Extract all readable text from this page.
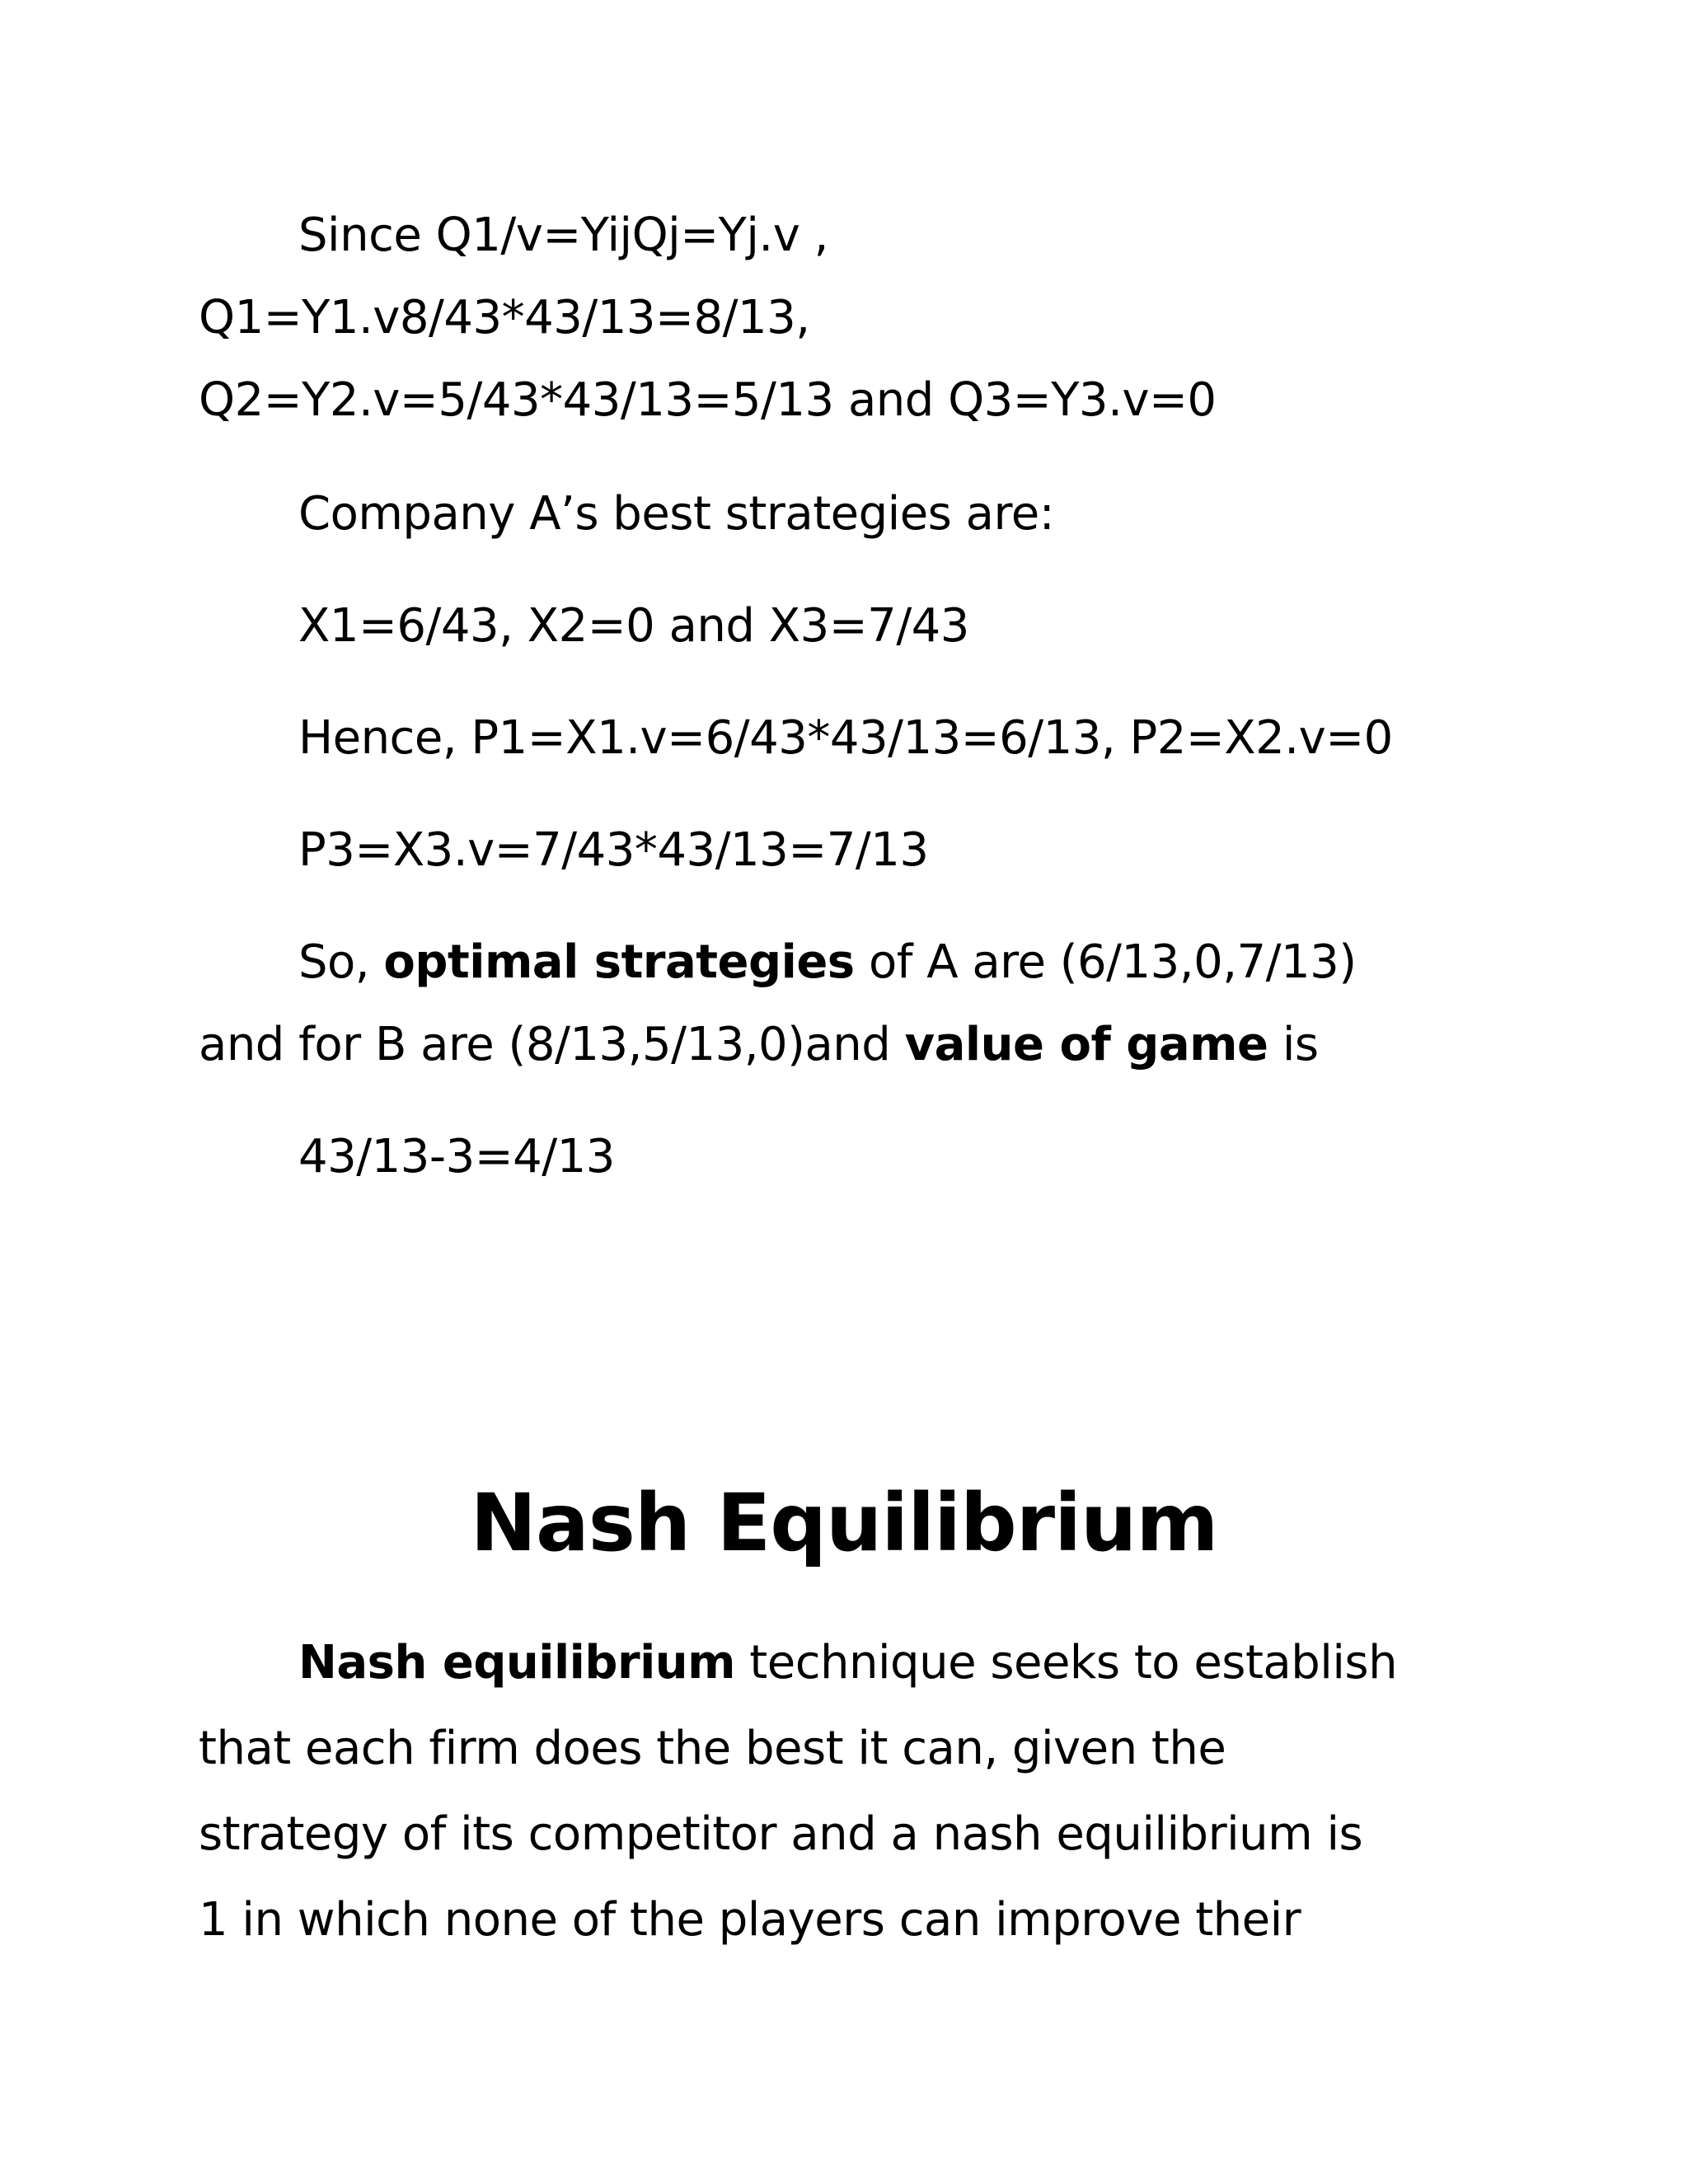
Since Q1/v=YijQj=Yj.v ,
Q1=Y1.v8/43*43/13=8/13,
Q2=Y2.v=5/43*43/13=5/13 and Q3=Y3.v=0
Company A’s best strategies are:
X1=6/43, X2=0 and X3=7/43
Hence, P1=X1.v=6/43*43/13=6/13, P2=X2.v=0
P3=X3.v=7/43*43/13=7/13
So, optimal strategies of A are (6/13,0,7/13)
and for B are (8/13,5/13,0)and value of game is
43/13-3=4/13
Nash Equilibrium
Nash equilibrium technique seeks to establish
that each firm does the best it can, given the
strategy of its competitor and a nash equilibrium is
1 in which none of the players can improve their
